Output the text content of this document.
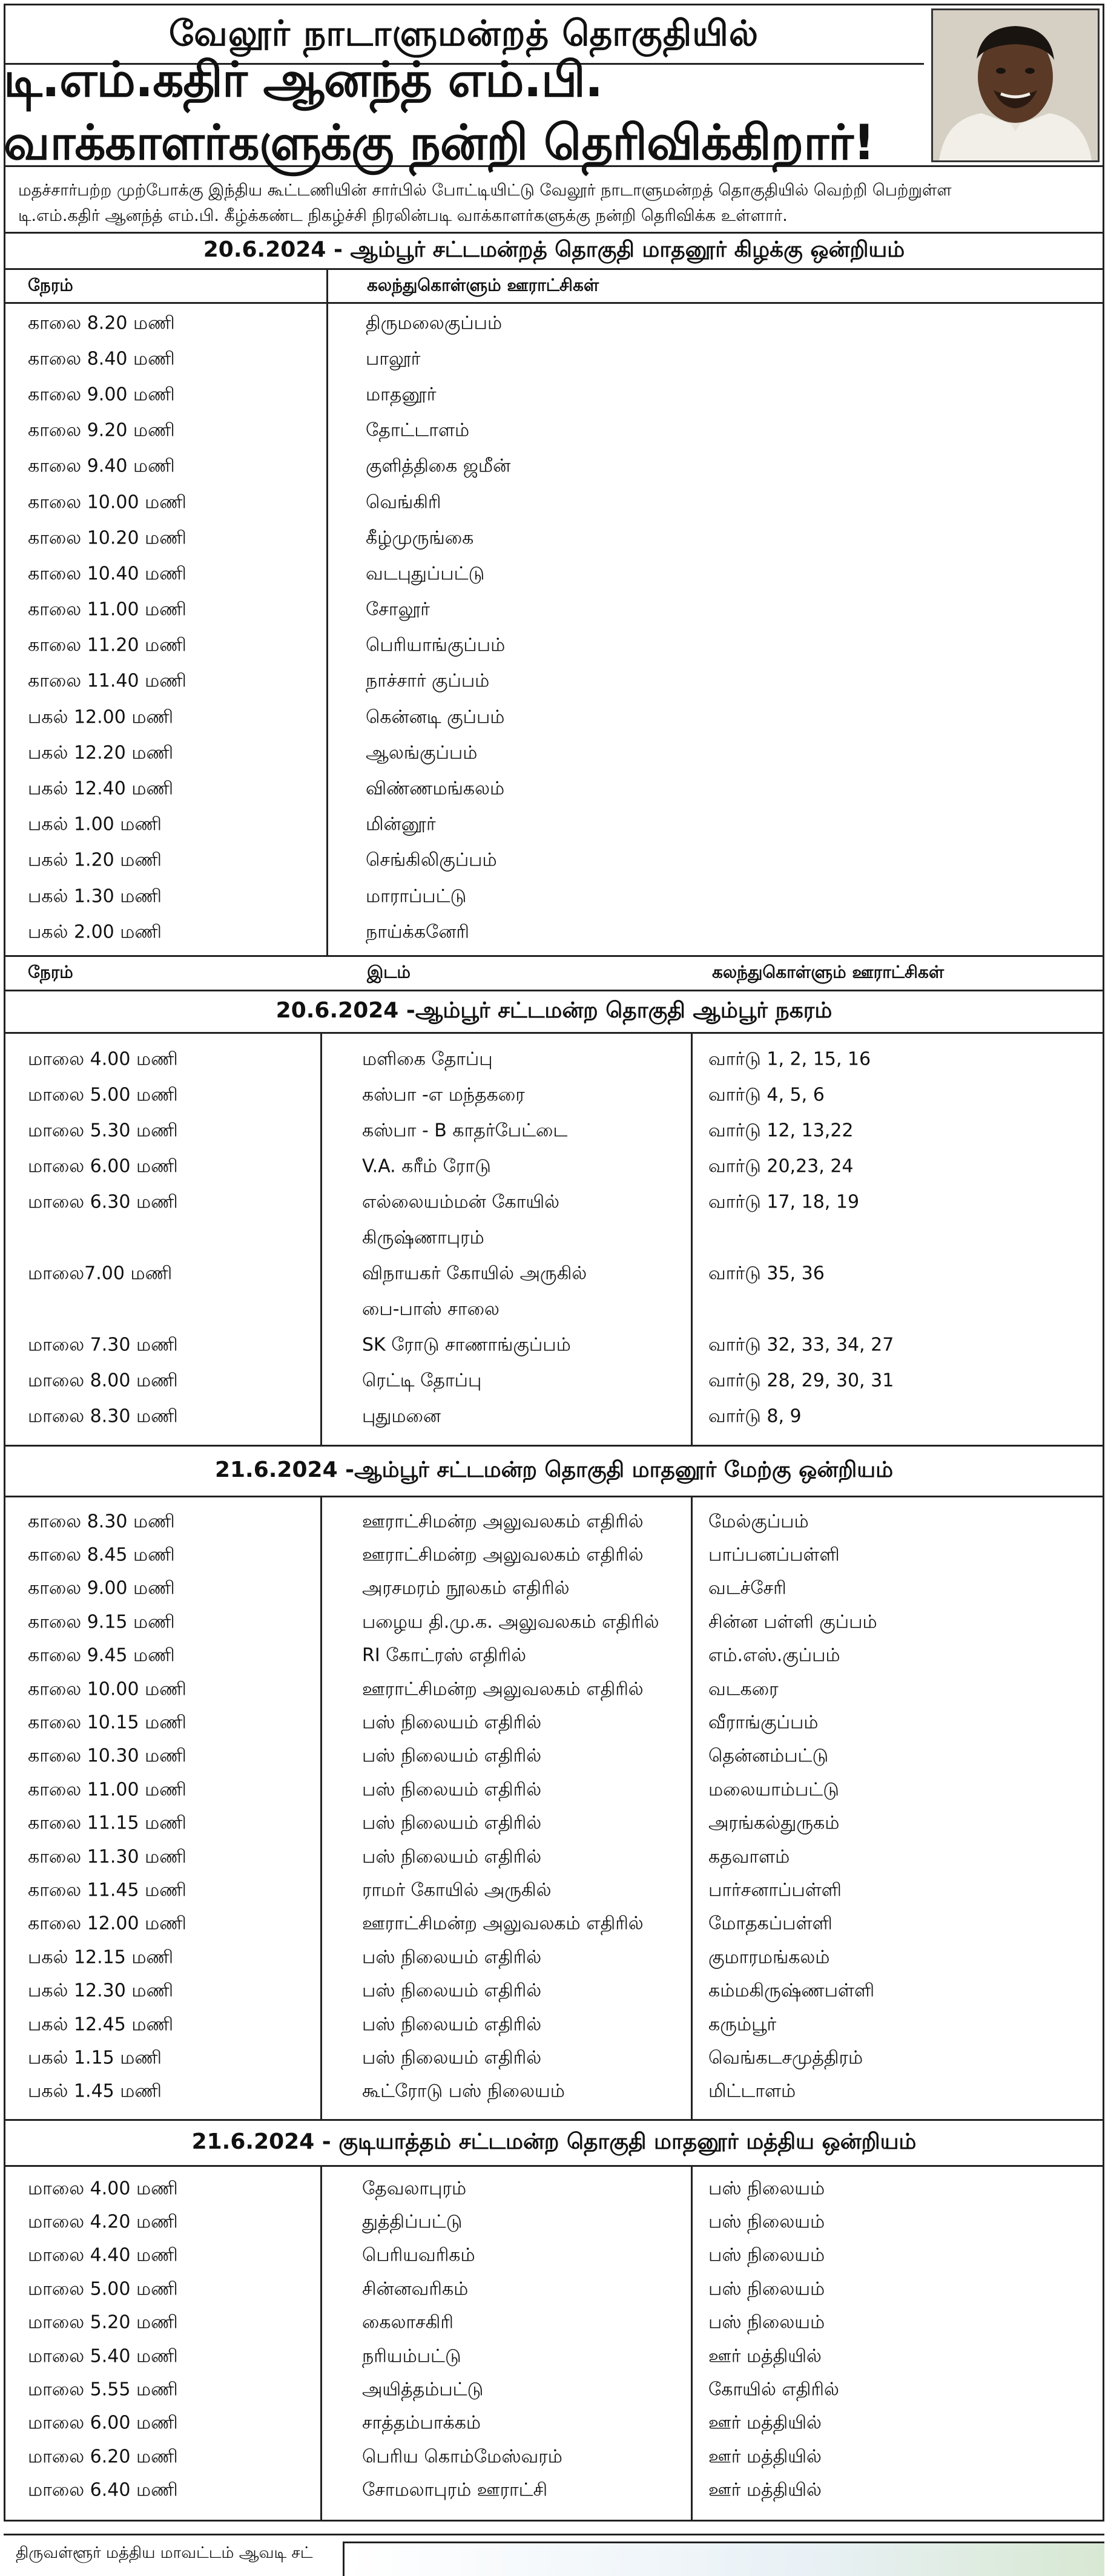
வேலூர் நாடாளுமன்றத் தொகுதியில்
டி.எம்.கதிர் ஆனந்த் எம்.பி. வாக்காளர்களுக்கு நன்றி தெரிவிக்கிறார்!
மதச்சார்பற்ற முற்போக்கு இந்திய கூட்டணியின் சார்பில் போட்டியிட்டு வேலூர் நாடாளுமன்றத் தொகுதியில் வெற்றி பெற்றுள்ள
டி.எம்.கதிர் ஆனந்த் எம்.பி. கீழ்க்கண்ட நிகழ்ச்சி நிரலின்படி வாக்காளர்களுக்கு நன்றி தெரிவிக்க உள்ளார்.
20.6.2024 - ஆம்பூர் சட்டமன்றத் தொகுதி மாதனூர் கிழக்கு ஒன்றியம்
நேரம்	கலந்துகொள்ளும் ஊராட்சிகள்
காலை 8.20 மணி	திருமலைகுப்பம்
காலை 8.40 மணி	பாலூர்
காலை 9.00 மணி	மாதனூர்
காலை 9.20 மணி	தோட்டாளம்
காலை 9.40 மணி	குளித்திகை ஜமீன்
காலை 10.00 மணி	வெங்கிரி
காலை 10.20 மணி	கீழ்முருங்கை
காலை 10.40 மணி	வடபுதுப்பட்டு
காலை 11.00 மணி	சோலூர்
காலை 11.20 மணி	பெரியாங்குப்பம்
காலை 11.40 மணி	நாச்சார் குப்பம்
பகல் 12.00 மணி	கென்னடி குப்பம்
பகல் 12.20 மணி	ஆலங்குப்பம்
பகல் 12.40 மணி	விண்ணமங்கலம்
பகல் 1.00 மணி	மின்னூர்
பகல் 1.20 மணி	செங்கிலிகுப்பம்
பகல் 1.30 மணி	மாராப்பட்டு
பகல் 2.00 மணி	நாய்க்கனேரி
நேரம்	இடம்	கலந்துகொள்ளும் ஊராட்சிகள்
20.6.2024 -ஆம்பூர் சட்டமன்ற தொகுதி ஆம்பூர் நகரம்
மாலை 4.00 மணி	மளிகை தோப்பு	வார்டு 1, 2, 15, 16
மாலை 5.00 மணி	கஸ்பா -எ மந்தகரை	வார்டு 4, 5, 6
மாலை 5.30 மணி	கஸ்பா - B காதர்பேட்டை	வார்டு 12, 13,22
மாலை 6.00 மணி	V.A. கரீம் ரோடு	வார்டு 20,23, 24
மாலை 6.30 மணி	எல்லையம்மன் கோயில்	வார்டு 17, 18, 19
கிருஷ்ணாபுரம்
மாலை7.00 மணி	விநாயகர் கோயில் அருகில்	வார்டு 35, 36
பை-பாஸ் சாலை
மாலை 7.30 மணி	SK ரோடு சாணாங்குப்பம்	வார்டு 32, 33, 34, 27
மாலை 8.00 மணி	ரெட்டி தோப்பு	வார்டு 28, 29, 30, 31
மாலை 8.30 மணி	புதுமனை	வார்டு 8, 9
21.6.2024 -ஆம்பூர் சட்டமன்ற தொகுதி மாதனூர் மேற்கு ஒன்றியம்
காலை 8.30 மணி	ஊராட்சிமன்ற அலுவலகம் எதிரில்	மேல்குப்பம்
காலை 8.45 மணி	ஊராட்சிமன்ற அலுவலகம் எதிரில்	பாப்பனப்பள்ளி
காலை 9.00 மணி	அரசமரம் நூலகம் எதிரில்	வடச்சேரி
காலை 9.15 மணி	பழைய தி.மு.க. அலுவலகம் எதிரில்	சின்ன பள்ளி குப்பம்
காலை 9.45 மணி	RI கோட்ரஸ் எதிரில்	எம்.எஸ்.குப்பம்
காலை 10.00 மணி	ஊராட்சிமன்ற அலுவலகம் எதிரில்	வடகரை
காலை 10.15 மணி	பஸ் நிலையம் எதிரில்	வீராங்குப்பம்
காலை 10.30 மணி	பஸ் நிலையம் எதிரில்	தென்னம்பட்டு
காலை 11.00 மணி	பஸ் நிலையம் எதிரில்	மலையாம்பட்டு
காலை 11.15 மணி	பஸ் நிலையம் எதிரில்	அரங்கல்துருகம்
காலை 11.30 மணி	பஸ் நிலையம் எதிரில்	கதவாளம்
காலை 11.45 மணி	ராமர் கோயில் அருகில்	பார்சனாப்பள்ளி
காலை 12.00 மணி	ஊராட்சிமன்ற அலுவலகம் எதிரில்	மோதகப்பள்ளி
பகல் 12.15 மணி	பஸ் நிலையம் எதிரில்	குமாரமங்கலம்
பகல் 12.30 மணி	பஸ் நிலையம் எதிரில்	கம்மகிருஷ்ணபள்ளி
பகல் 12.45 மணி	பஸ் நிலையம் எதிரில்	கரும்பூர்
பகல் 1.15 மணி	பஸ் நிலையம் எதிரில்	வெங்கடசமுத்திரம்
பகல் 1.45 மணி	கூட்ரோடு பஸ் நிலையம்	மிட்டாளம்
21.6.2024 - குடியாத்தம் சட்டமன்ற தொகுதி மாதனூர் மத்திய ஒன்றியம்
மாலை 4.00 மணி	தேவலாபுரம்	பஸ் நிலையம்
மாலை 4.20 மணி	துத்திப்பட்டு	பஸ் நிலையம்
மாலை 4.40 மணி	பெரியவரிகம்	பஸ் நிலையம்
மாலை 5.00 மணி	சின்னவரிகம்	பஸ் நிலையம்
மாலை 5.20 மணி	கைலாசகிரி	பஸ் நிலையம்
மாலை 5.40 மணி	நரியம்பட்டு	ஊர் மத்தியில்
மாலை 5.55 மணி	அயித்தம்பட்டு	கோயில் எதிரில்
மாலை 6.00 மணி	சாத்தம்பாக்கம்	ஊர் மத்தியில்
மாலை 6.20 மணி	பெரிய கொம்மேஸ்வரம்	ஊர் மத்தியில்
மாலை 6.40 மணி	சோமலாபுரம் ஊராட்சி	ஊர் மத்தியில்
திருவள்ளூர் மத்திய மாவட்டம் ஆவடி சட்
